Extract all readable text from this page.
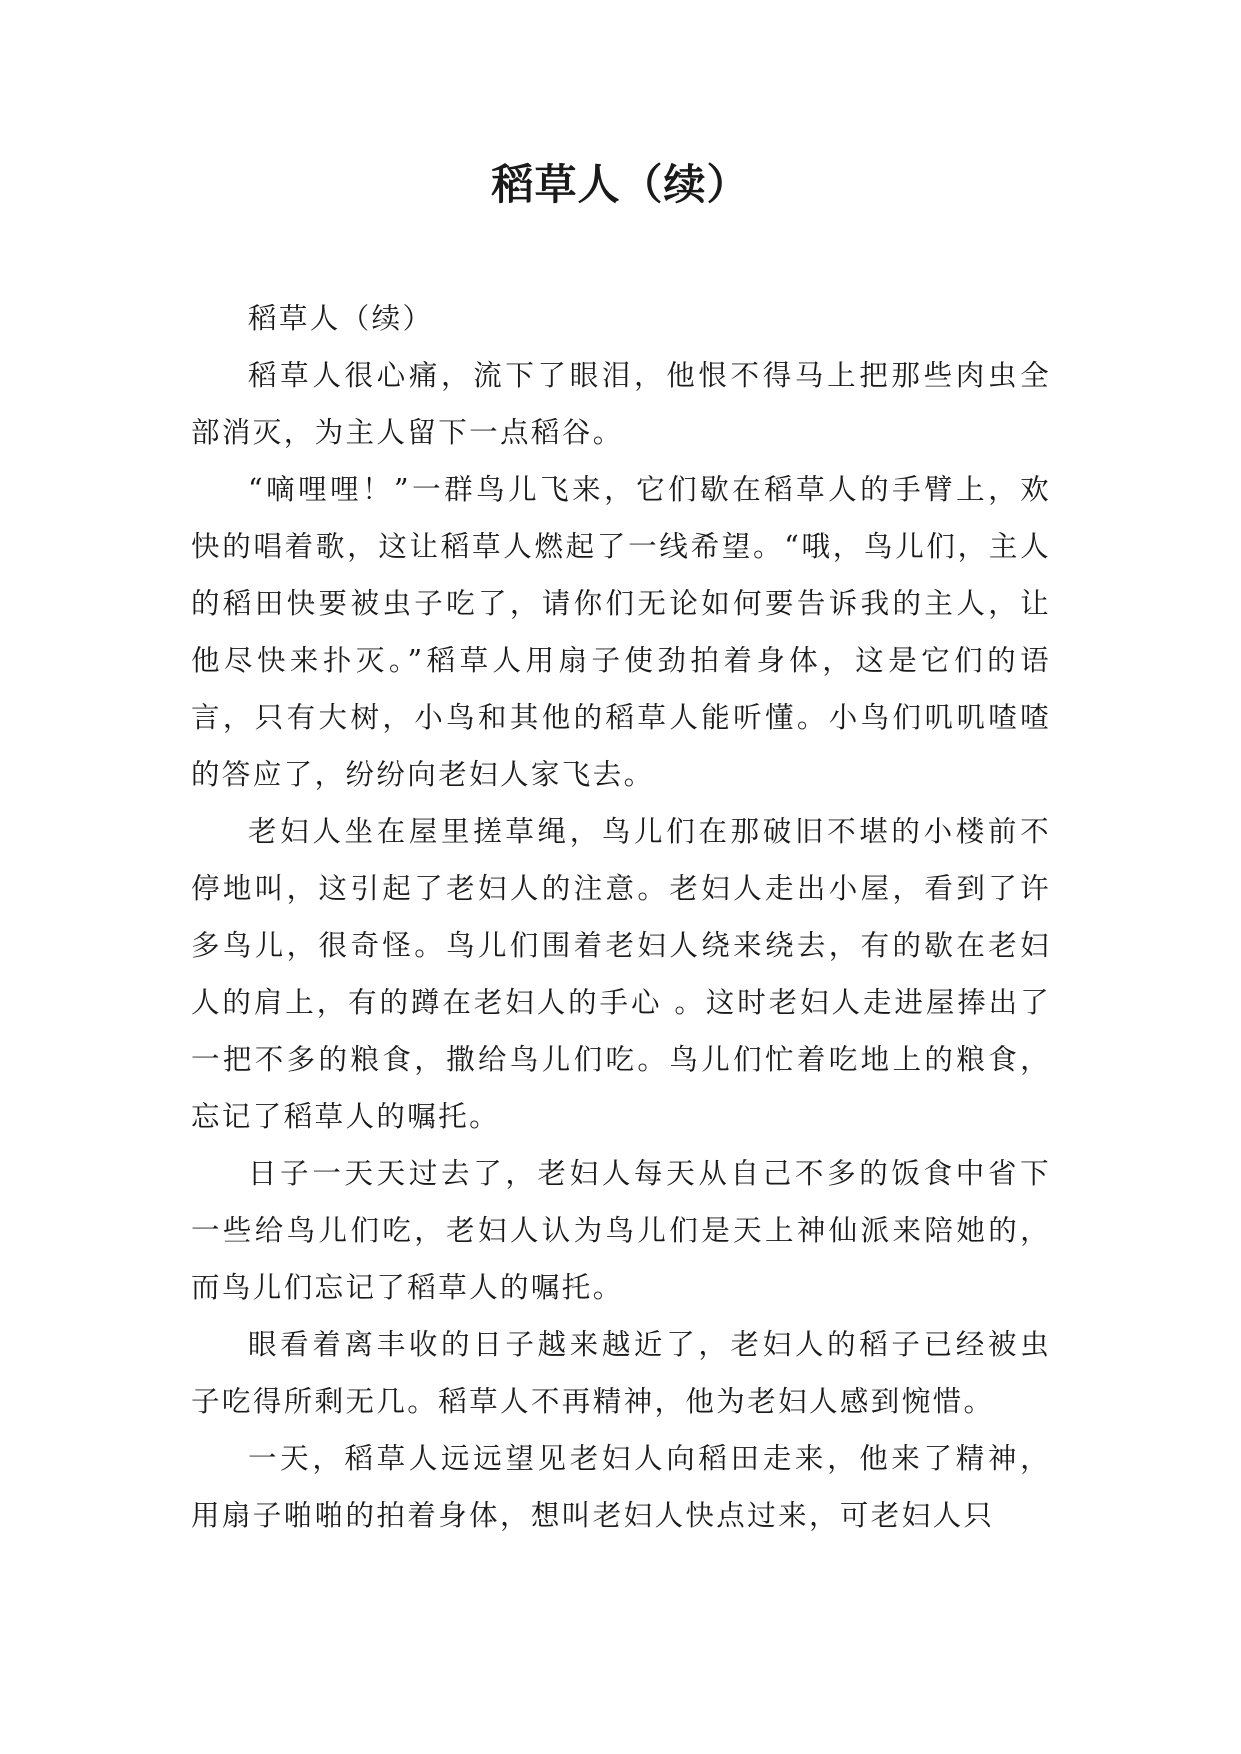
稻草人（续）

稻草人（续）

稻草人很心痛，流下了眼泪，他恨不得马上把那些肉虫全部消灭，为主人留下一点稻谷。

“嘀哩哩！”一群鸟儿飞来，它们歇在稻草人的手臂上，欢快的唱着歌，这让稻草人燃起了一线希望。“哦，鸟儿们，主人的稻田快要被虫子吃了，请你们无论如何要告诉我的主人，让他尽快来扑灭。”稻草人用扇子使劲拍着身体，这是它们的语言，只有大树，小鸟和其他的稻草人能听懂。小鸟们叽叽喳喳的答应了，纷纷向老妇人家飞去。

老妇人坐在屋里搓草绳，鸟儿们在那破旧不堪的小楼前不停地叫，这引起了老妇人的注意。老妇人走出小屋，看到了许多鸟儿，很奇怪。鸟儿们围着老妇人绕来绕去，有的歇在老妇人的肩上，有的蹲在老妇人的手心 。这时老妇人走进屋捧出了一把不多的粮食，撒给鸟儿们吃。鸟儿们忙着吃地上的粮食，忘记了稻草人的嘱托。

日子一天天过去了，老妇人每天从自己不多的饭食中省下一些给鸟儿们吃，老妇人认为鸟儿们是天上神仙派来陪她的，而鸟儿们忘记了稻草人的嘱托。

眼看着离丰收的日子越来越近了，老妇人的稻子已经被虫子吃得所剩无几。稻草人不再精神，他为老妇人感到惋惜。

一天，稻草人远远望见老妇人向稻田走来，他来了精神，用扇子啪啪的拍着身体，想叫老妇人快点过来，可老妇人只
